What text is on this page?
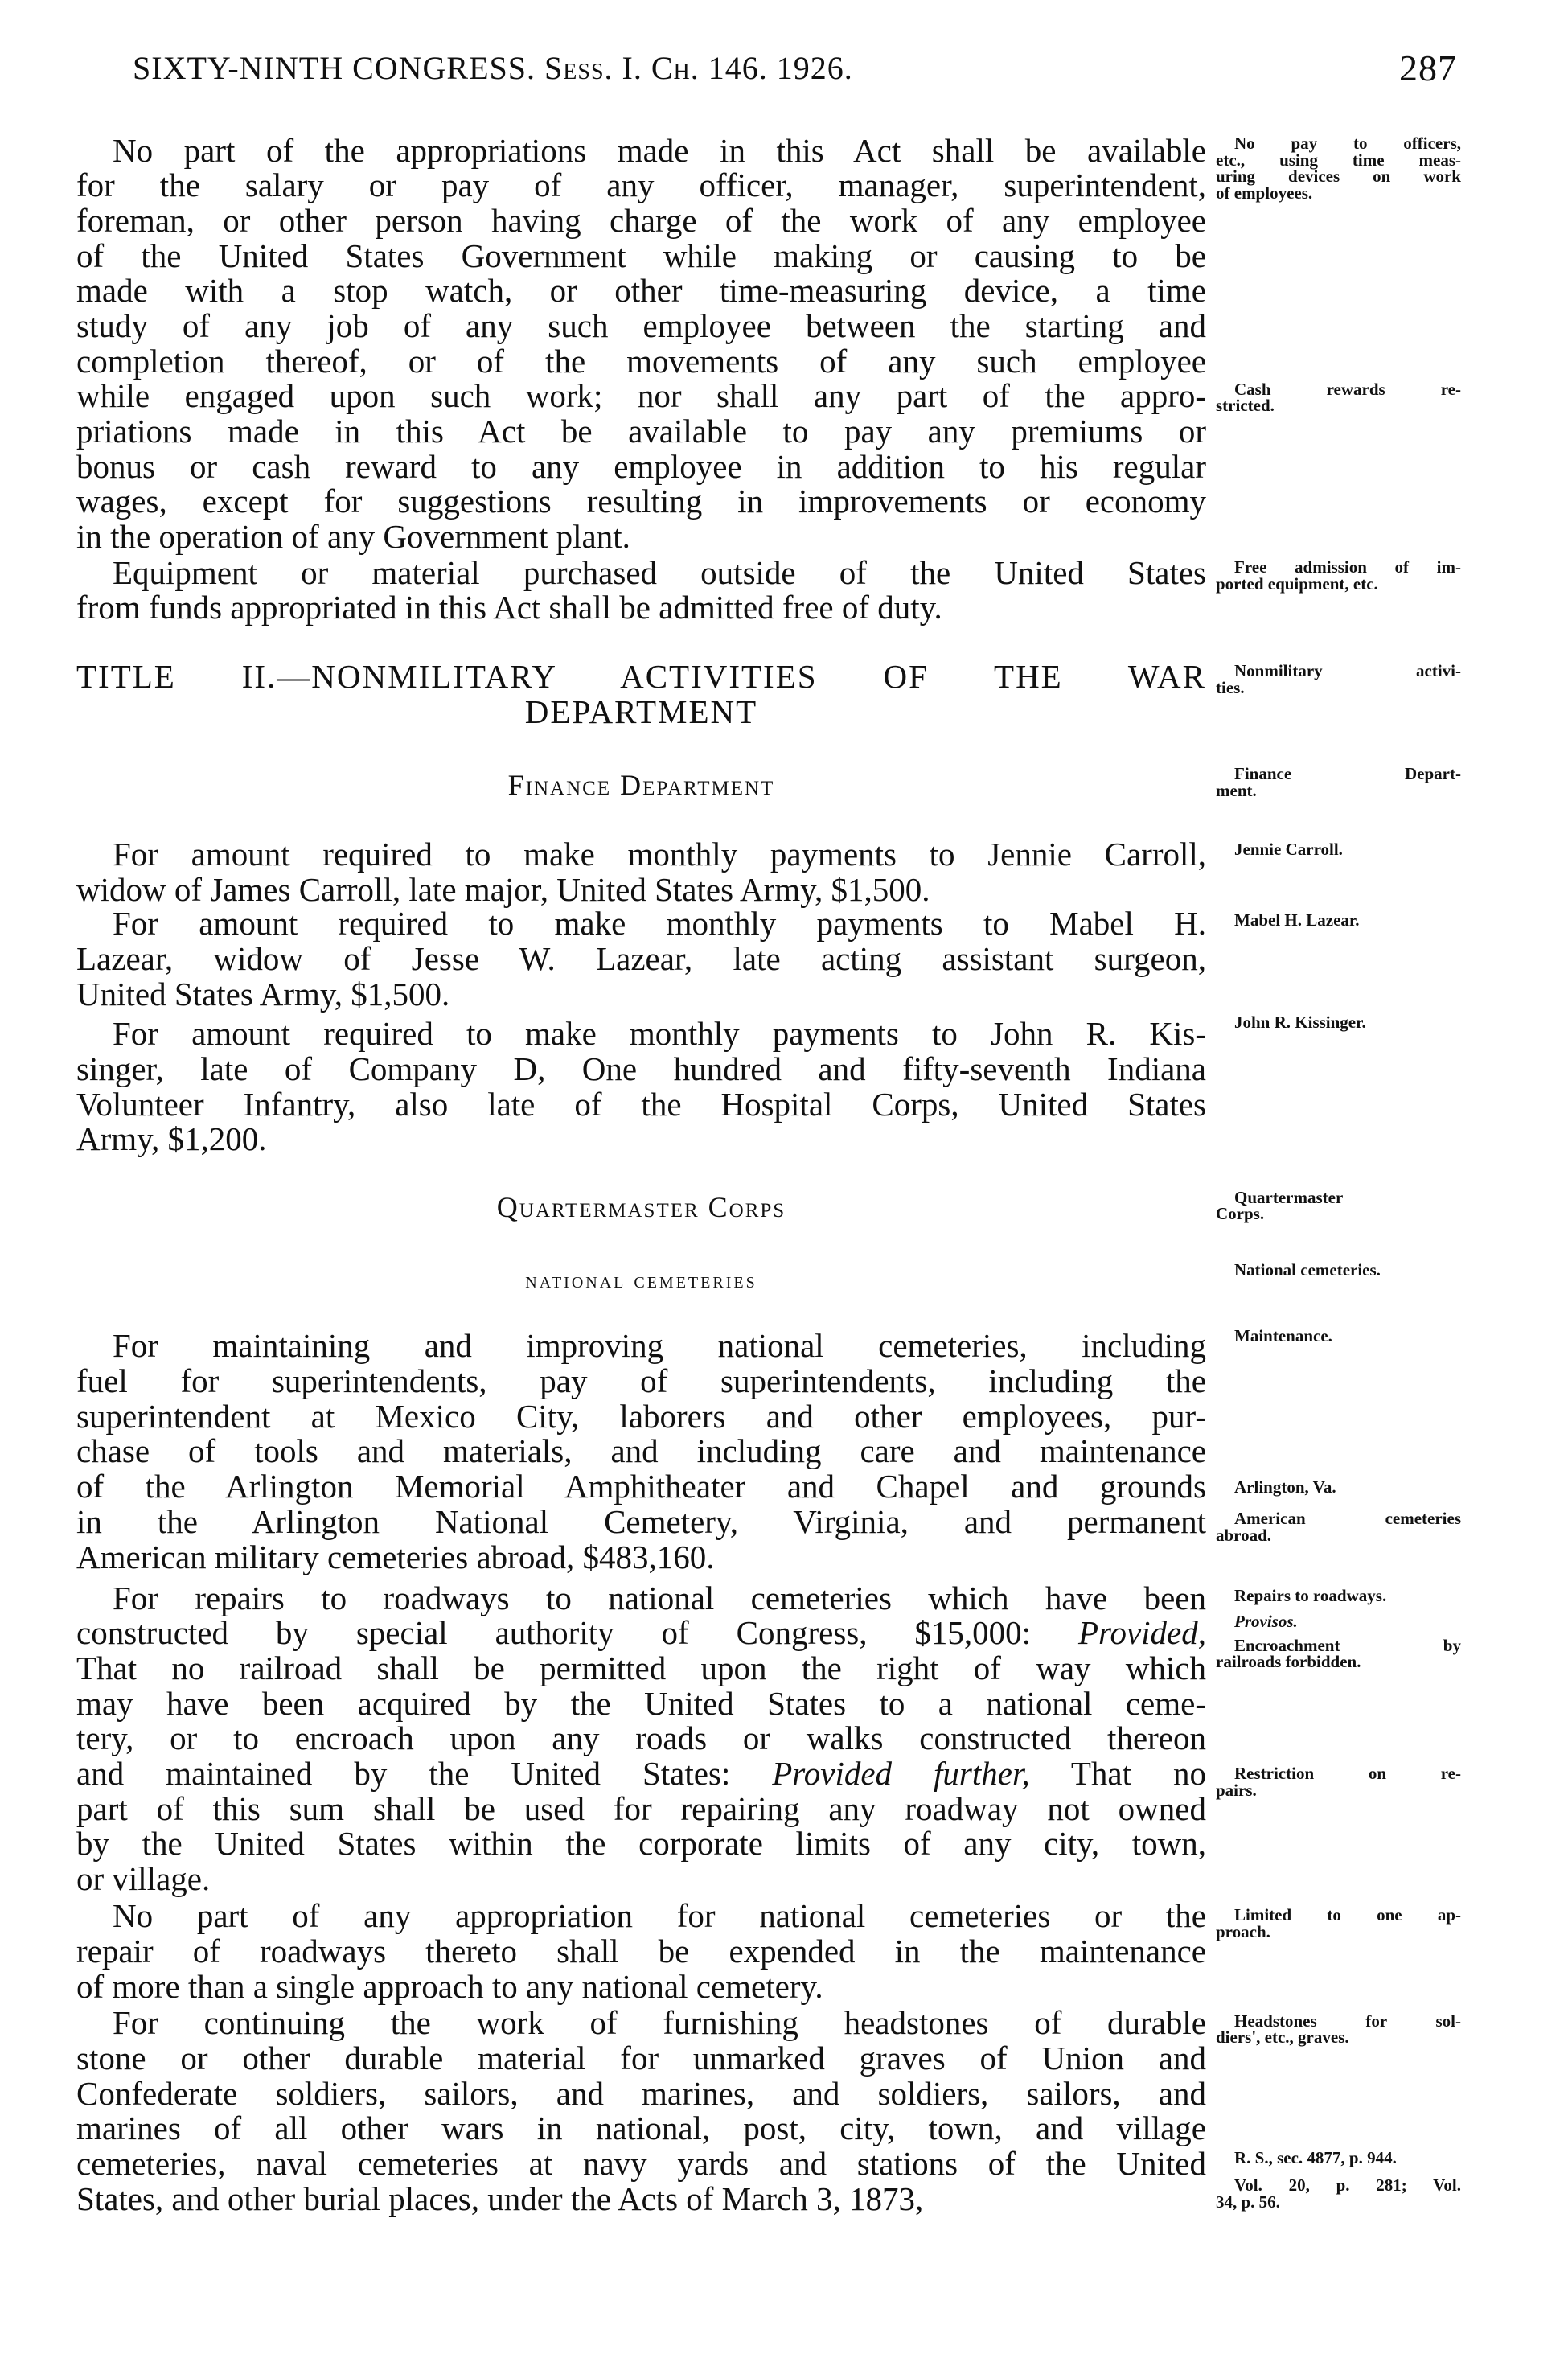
SIXTY-NINTH CONGRESS. Sess. I. Ch. 146. 1926.	287
No part of the appropriations made in this Act shall be available
for the salary or pay of any officer, manager, superintendent,
foreman, or other person having charge of the work of any employee
of the United States Government while making or causing to be
made with a stop watch, or other time-measuring device, a time
study of any job of any such employee between the starting and
completion thereof, or of the movements of any such employee
while engaged upon such work; nor shall any part of the appro-
priations made in this Act be available to pay any premiums or
bonus or cash reward to any employee in addition to his regular
wages, except for suggestions resulting in improvements or economy
in the operation of any Government plant.
Equipment or material purchased outside of the United States
from funds appropriated in this Act shall be admitted free of duty.
TITLE II.—NONMILITARY ACTIVITIES OF THE WAR
DEPARTMENT
Finance Department
For amount required to make monthly payments to Jennie Carroll,
widow of James Carroll, late major, United States Army, $1,500.
For amount required to make monthly payments to Mabel H.
Lazear, widow of Jesse W. Lazear, late acting assistant surgeon,
United States Army, $1,500.
For amount required to make monthly payments to John R. Kis-
singer, late of Company D, One hundred and fifty-seventh Indiana
Volunteer Infantry, also late of the Hospital Corps, United States
Army, $1,200.
Quartermaster Corps
national cemeteries
For maintaining and improving national cemeteries, including
fuel for superintendents, pay of superintendents, including the
superintendent at Mexico City, laborers and other employees, pur-
chase of tools and materials, and including care and maintenance
of the Arlington Memorial Amphitheater and Chapel and grounds
in the Arlington National Cemetery, Virginia, and permanent
American military cemeteries abroad, $483,160.
For repairs to roadways to national cemeteries which have been
constructed by special authority of Congress, $15,000: Provided,
That no railroad shall be permitted upon the right of way which
may have been acquired by the United States to a national ceme-
tery, or to encroach upon any roads or walks constructed thereon
and maintained by the United States: Provided further, That no
part of this sum shall be used for repairing any roadway not owned
by the United States within the corporate limits of any city, town,
or village.
No part of any appropriation for national cemeteries or the
repair of roadways thereto shall be expended in the maintenance
of more than a single approach to any national cemetery.
For continuing the work of furnishing headstones of durable
stone or other durable material for unmarked graves of Union and
Confederate soldiers, sailors, and marines, and soldiers, sailors, and
marines of all other wars in national, post, city, town, and village
cemeteries, naval cemeteries at navy yards and stations of the United
States, and other burial places, under the Acts of March 3, 1873,
No pay to officers,
etc., using time meas-
uring devices on work
of employees.
Cash rewards re-
stricted.
Free admission of im-
ported equipment, etc.
Nonmilitary activi-
ties.
Finance Depart-
ment.
Jennie Carroll.
Mabel H. Lazear.
John R. Kissinger.
Quartermaster
Corps.
National cemeteries.
Maintenance.
Arlington, Va.
American cemeteries
abroad.
Repairs to roadways.
Provisos.
Encroachment by
railroads forbidden.
Restriction on re-
pairs.
Limited to one ap-
proach.
Headstones for sol-
diers', etc., graves.
R. S., sec. 4877, p. 944.
Vol. 20, p. 281; Vol.
34, p. 56.
